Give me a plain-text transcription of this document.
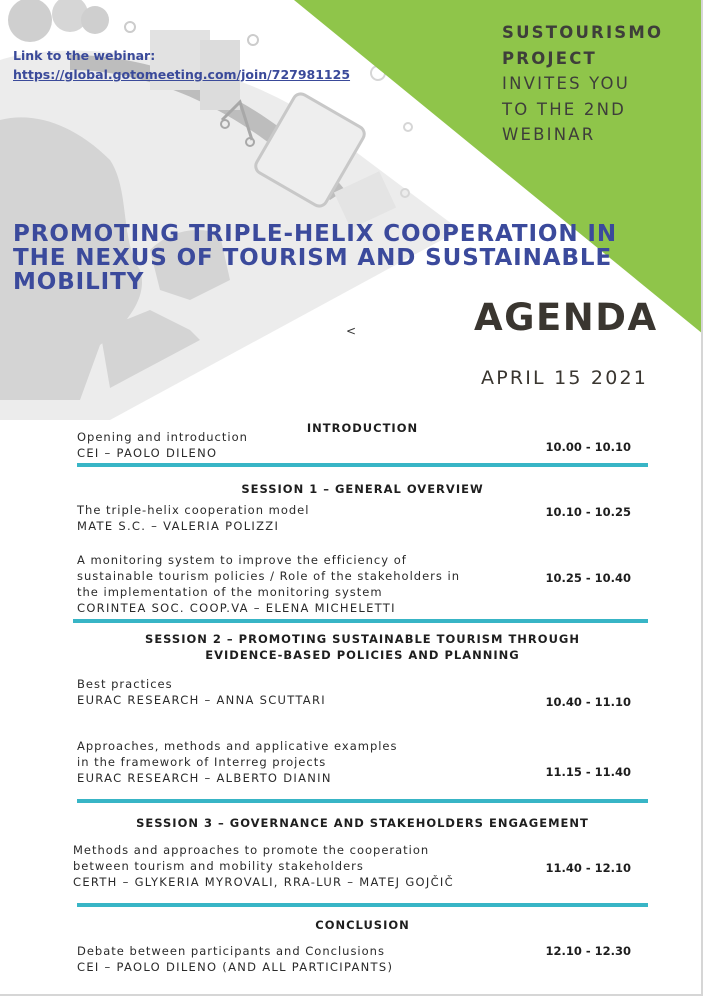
Link to the webinar:
https://global.gotomeeting.com/join/727981125
SUSTOURISMO
PROJECT
INVITES YOU
TO THE 2ND
WEBINAR
PROMOTING TRIPLE-HELIX COOPERATION IN
THE NEXUS OF TOURISM AND SUSTAINABLE
MOBILITY
AGENDA
<
APRIL 15 2021
INTRODUCTION
Opening and introduction
CEI – PAOLO DILENO	10.00 - 10.10
SESSION 1 – GENERAL OVERVIEW
The triple-helix cooperation model
MATE S.C. – VALERIA POLIZZI
10.10 - 10.25
A monitoring system to improve the efficiency of
sustainable tourism policies / Role of the stakeholders in
the implementation of the monitoring system
CORINTEA SOC. COOP.VA – ELENA MICHELETTI
10.25 - 10.40
SESSION 2 – PROMOTING SUSTAINABLE TOURISM THROUGH
EVIDENCE-BASED POLICIES AND PLANNING
Best practices
EURAC RESEARCH – ANNA SCUTTARI	10.40 - 11.10
Approaches, methods and applicative examples
in the framework of Interreg projects
EURAC RESEARCH – ALBERTO DIANIN	11.15 - 11.40
SESSION 3 – GOVERNANCE AND STAKEHOLDERS ENGAGEMENT
Methods and approaches to promote the cooperation
between tourism and mobility stakeholders
CERTH – GLYKERIA MYROVALI, RRA-LUR – MATEJ GOJČIČ
11.40 - 12.10
CONCLUSION
Debate between participants and Conclusions
CEI – PAOLO DILENO (AND ALL PARTICIPANTS)
12.10 - 12.30
